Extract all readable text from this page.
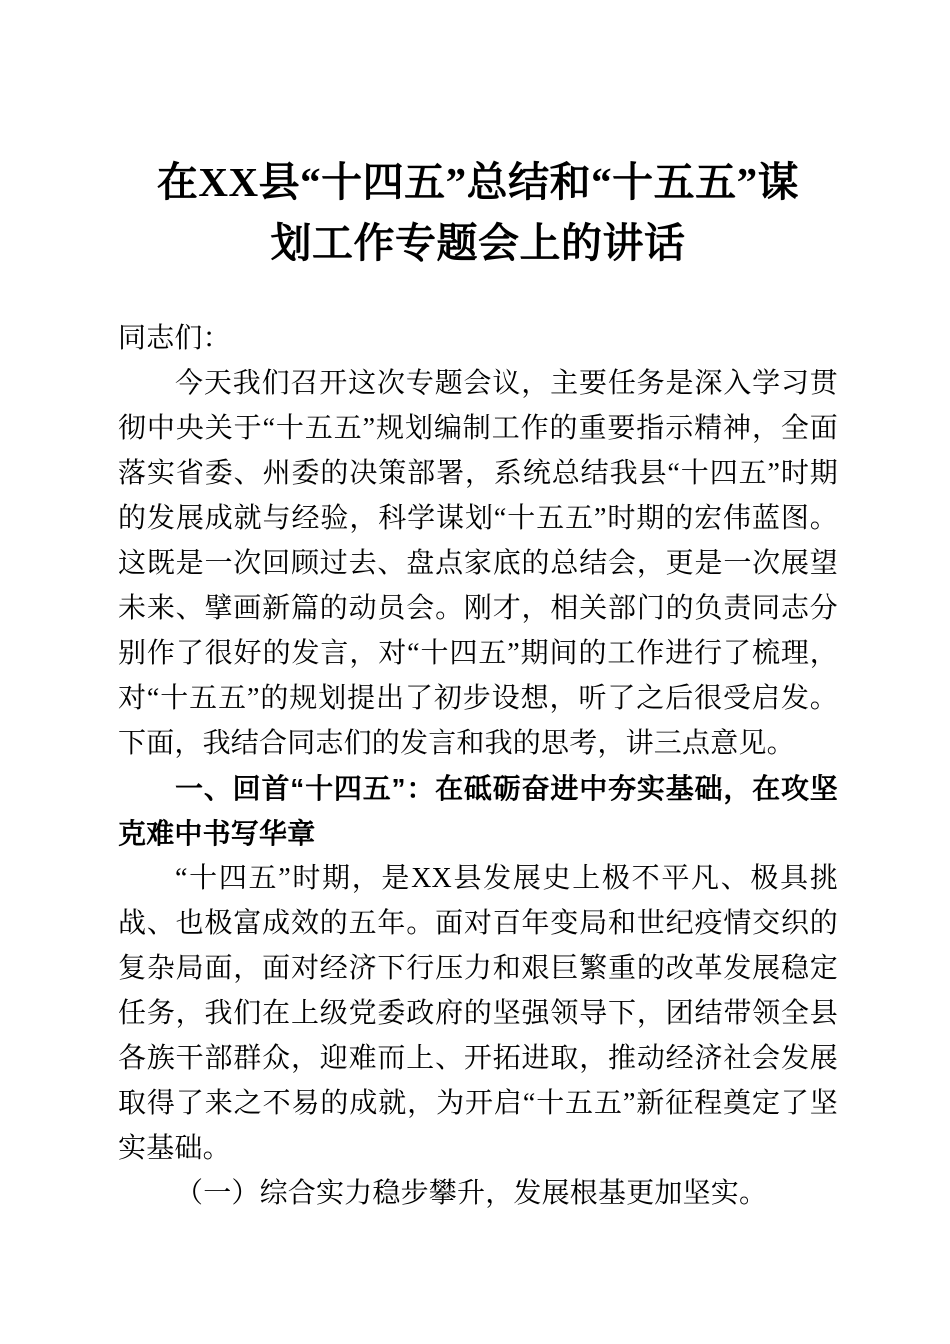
在XX县“十四五”总结和“十五五”谋划工作专题会上的讲话

同志们：

今天我们召开这次专题会议，主要任务是深入学习贯彻中央关于“十五五”规划编制工作的重要指示精神，全面落实省委、州委的决策部署，系统总结我县“十四五”时期的发展成就与经验，科学谋划“十五五”时期的宏伟蓝图。这既是一次回顾过去、盘点家底的总结会，更是一次展望未来、擘画新篇的动员会。刚才，相关部门的负责同志分别作了很好的发言，对“十四五”期间的工作进行了梳理，对“十五五”的规划提出了初步设想，听了之后很受启发。下面，我结合同志们的发言和我的思考，讲三点意见。

一、回首“十四五”：在砥砺奋进中夯实基础，在攻坚克难中书写华章

“十四五”时期，是XX县发展史上极不平凡、极具挑战、也极富成效的五年。面对百年变局和世纪疫情交织的复杂局面，面对经济下行压力和艰巨繁重的改革发展稳定任务，我们在上级党委政府的坚强领导下，团结带领全县各族干部群众，迎难而上、开拓进取，推动经济社会发展取得了来之不易的成就，为开启“十五五”新征程奠定了坚实基础。

（一）综合实力稳步攀升，发展根基更加坚实。
